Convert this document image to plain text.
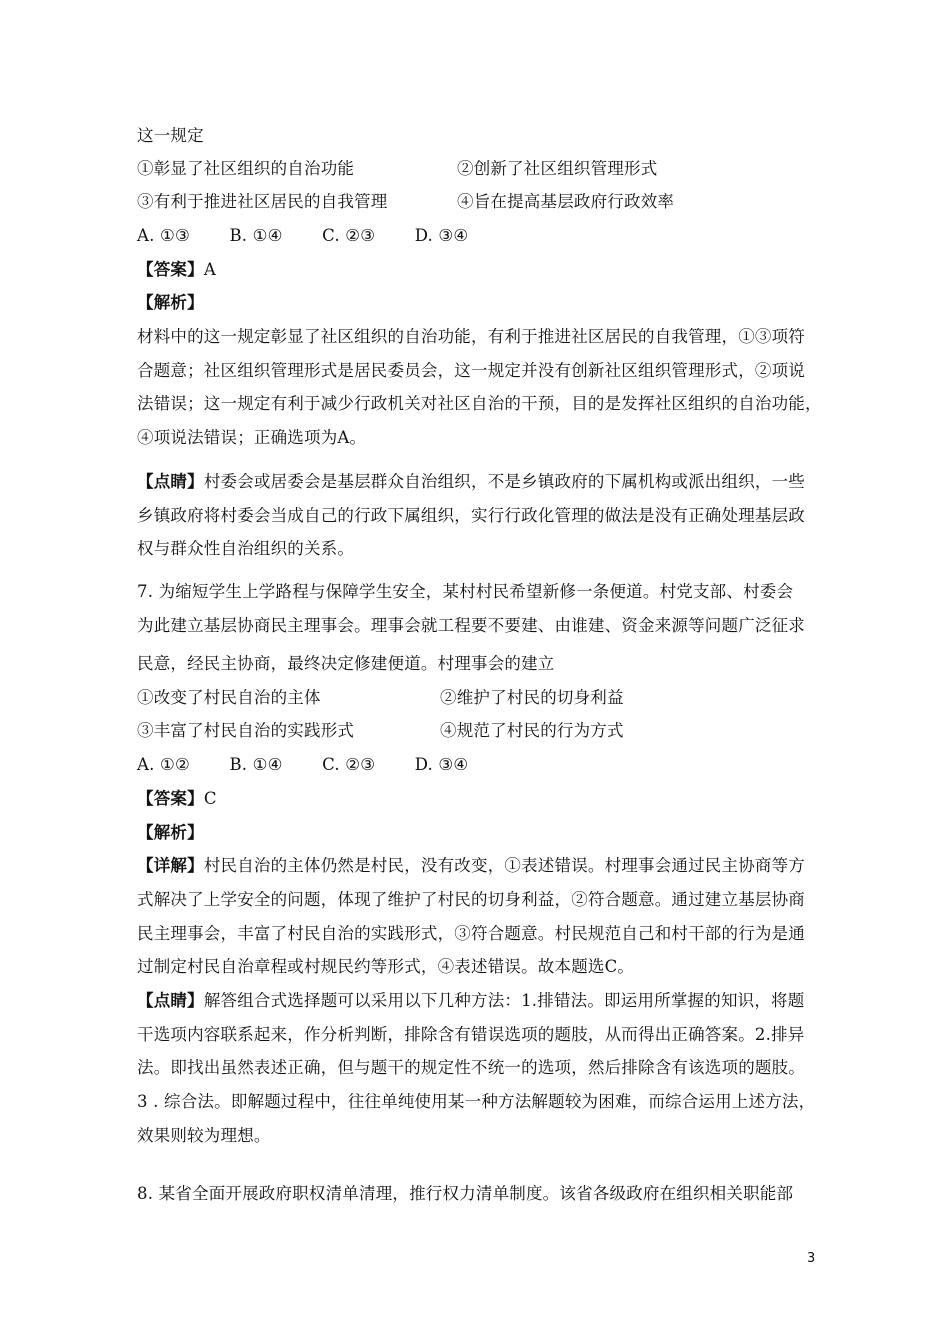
这一规定
①彰显了社区组织的自治功能	②创新了社区组织管理形式
③有利于推进社区居民的自我管理	④旨在提高基层政府行政效率
A. ①③ B. ①④ C. ②③ D. ③④
【答案】A
【解析】
材料中的这一规定彰显了社区组织的自治功能，有利于推进社区居民的自我管理，①③项符
合题意；社区组织管理形式是居民委员会，这一规定并没有创新社区组织管理形式，②项说
法错误；这一规定有利于减少行政机关对社区自治的干预，目的是发挥社区组织的自治功能，
④项说法错误；正确选项为A。
【点睛】村委会或居委会是基层群众自治组织，不是乡镇政府的下属机构或派出组织，一些
乡镇政府将村委会当成自己的行政下属组织，实行行政化管理的做法是没有正确处理基层政
权与群众性自治组织的关系。
7. 为缩短学生上学路程与保障学生安全，某村村民希望新修一条便道。村党支部、村委会
为此建立基层协商民主理事会。理事会就工程要不要建、由谁建、资金来源等问题广泛征求
民意，经民主协商，最终决定修建便道。村理事会的建立
①改变了村民自治的主体	②维护了村民的切身利益
③丰富了村民自治的实践形式	④规范了村民的行为方式
A. ①② B. ①④ C. ②③ D. ③④
【答案】C
【解析】
【详解】村民自治的主体仍然是村民，没有改变，①表述错误。村理事会通过民主协商等方
式解决了上学安全的问题，体现了维护了村民的切身利益，②符合题意。通过建立基层协商
民主理事会，丰富了村民自治的实践形式，③符合题意。村民规范自己和村干部的行为是通
过制定村民自治章程或村规民约等形式，④表述错误。故本题选C。
【点睛】解答组合式选择题可以采用以下几种方法：1.排错法。即运用所掌握的知识，将题
干选项内容联系起来，作分析判断，排除含有错误选项的题肢，从而得出正确答案。2.排异
法。即找出虽然表述正确，但与题干的规定性不统一的选项，然后排除含有该选项的题肢。
3 . 综合法。即解题过程中，往往单纯使用某一种方法解题较为困难，而综合运用上述方法，
效果则较为理想。
8. 某省全面开展政府职权清单清理，推行权力清单制度。该省各级政府在组织相关职能部
3
